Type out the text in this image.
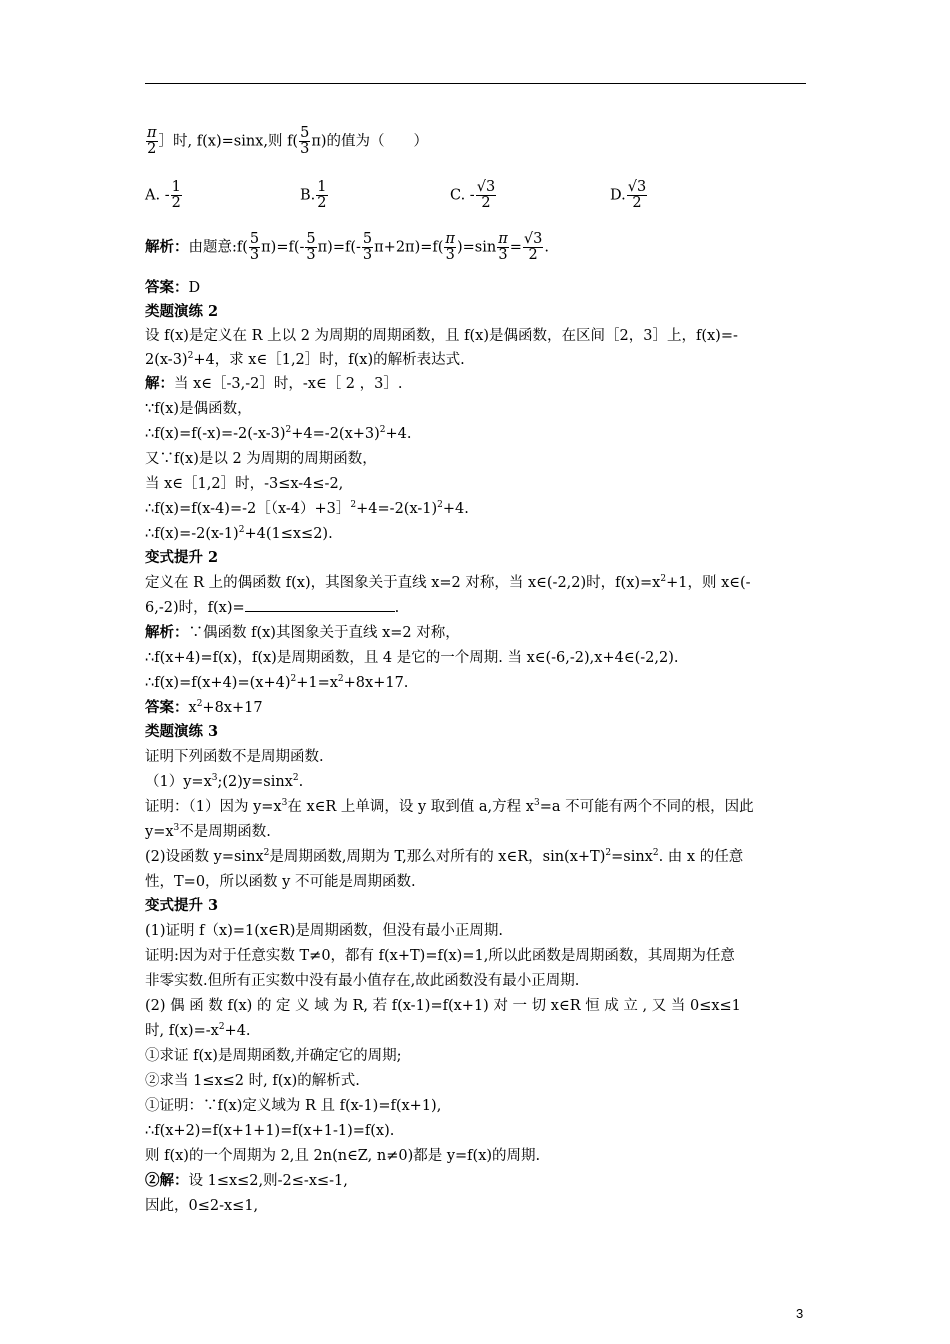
$\frac{\pi}{2}$ ］时, f(x)=sinx,则 $f( \frac{5}{3} \pi)$的值为（　　）
A. - $\frac{1}{2}$	B. $\frac{1}{2}$	C. - $\frac{√3}{2}$	D. $\frac{√3}{2}$
解析：由题意:f( $\frac{5}{3} \pi)=f(- \frac{5}{3} \pi)=f(- \frac{5}{3} \pi+2\pi)=f( \frac{\pi}{3} )=\sin \frac{\pi}{3} = \frac{√3}{2}$ .
答案：D
类题演练 2
设 f(x)是定义在 R 上以 2 为周期的周期函数，且 f(x)是偶函数，在区间［2，3］上，f(x)=-
$2(x-3)^2+4$，求 x∈［1,2］时，f(x)的解析表达式.
解：当 x∈［-3,-2］时，-x∈［ 2 ，3］.
∵f(x)是偶函数，
$\therefore f(x)=f(-x)=-2(-x-3)^2+4=-2(x+3)^2+4$.
又∵f(x)是以 2 为周期的周期函数，
当 x∈［1,2］时，-3≤x-4≤-2,
$\therefore f(x)=f(x-4)=-2[(x-4)+3]^2+4=-2(x-1)^2+4$.
$\therefore f(x)=-2(x-1)^2+4(1\le x\le 2)$.
变式提升 2
定义在 R 上的偶函数 f(x)，其图象关于直线 x=2 对称，当 x∈(-2,2)时，$f(x)=x^2+1$，则 x∈(-
6,-2)时，f(x)=	.
解析：∵偶函数 f(x)其图象关于直线 x=2 对称，
∴f(x+4)=f(x)，f(x)是周期函数，且 4 是它的一个周期. 当 x∈(-6,-2),x+4∈(-2,2).
$\therefore f(x)=f(x+4)=(x+4)^2+1=x^2+8x+17$.
答案：$x^2+8x+17$
类题演练 3
证明下列函数不是周期函数.
$(1)y=x^3;(2)y=\sin x^2$.
证明：（1）因为 $y=x^3$在 x∈R 上单调，设 y 取到值 a,方程 $x^3=a$ 不可能有两个不同的根，因此
$y=x^3$不是周期函数.
(2)设函数 y=sinx$^2$是周期函数,周期为 T,那么对所有的 x∈R，$\sin(x+T)^2=\sin x^2$. 由 x 的任意
性，T=0，所以函数 y 不可能是周期函数.
变式提升 3
(1)证明 f（x)=1(x∈R)是周期函数，但没有最小正周期.
证明:因为对于任意实数 T≠0，都有 f(x+T)=f(x)=1,所以此函数是周期函数，其周期为任意
非零实数.但所有正实数中没有最小值存在,故此函数没有最小正周期.
(2) 偶 函 数 f(x) 的 定 义 域 为 R, 若 f(x-1)=f(x+1) 对 一 切 x∈R 恒 成 立 , 又 当 0≤x≤1
时, $f(x)=-x^2+4$.
①求证 f(x)是周期函数,并确定它的周期;
②求当 1≤x≤2 时, f(x)的解析式.
①证明：∵f(x)定义域为 R 且 f(x-1)=f(x+1),
∴f(x+2)=f(x+1+1)=f(x+1-1)=f(x).
则 f(x)的一个周期为 2,且 2n(n∈Z, n≠0)都是 y=f(x)的周期.
②解：设 1≤x≤2,则-2≤-x≤-1,
因此，0≤2-x≤1,
3
